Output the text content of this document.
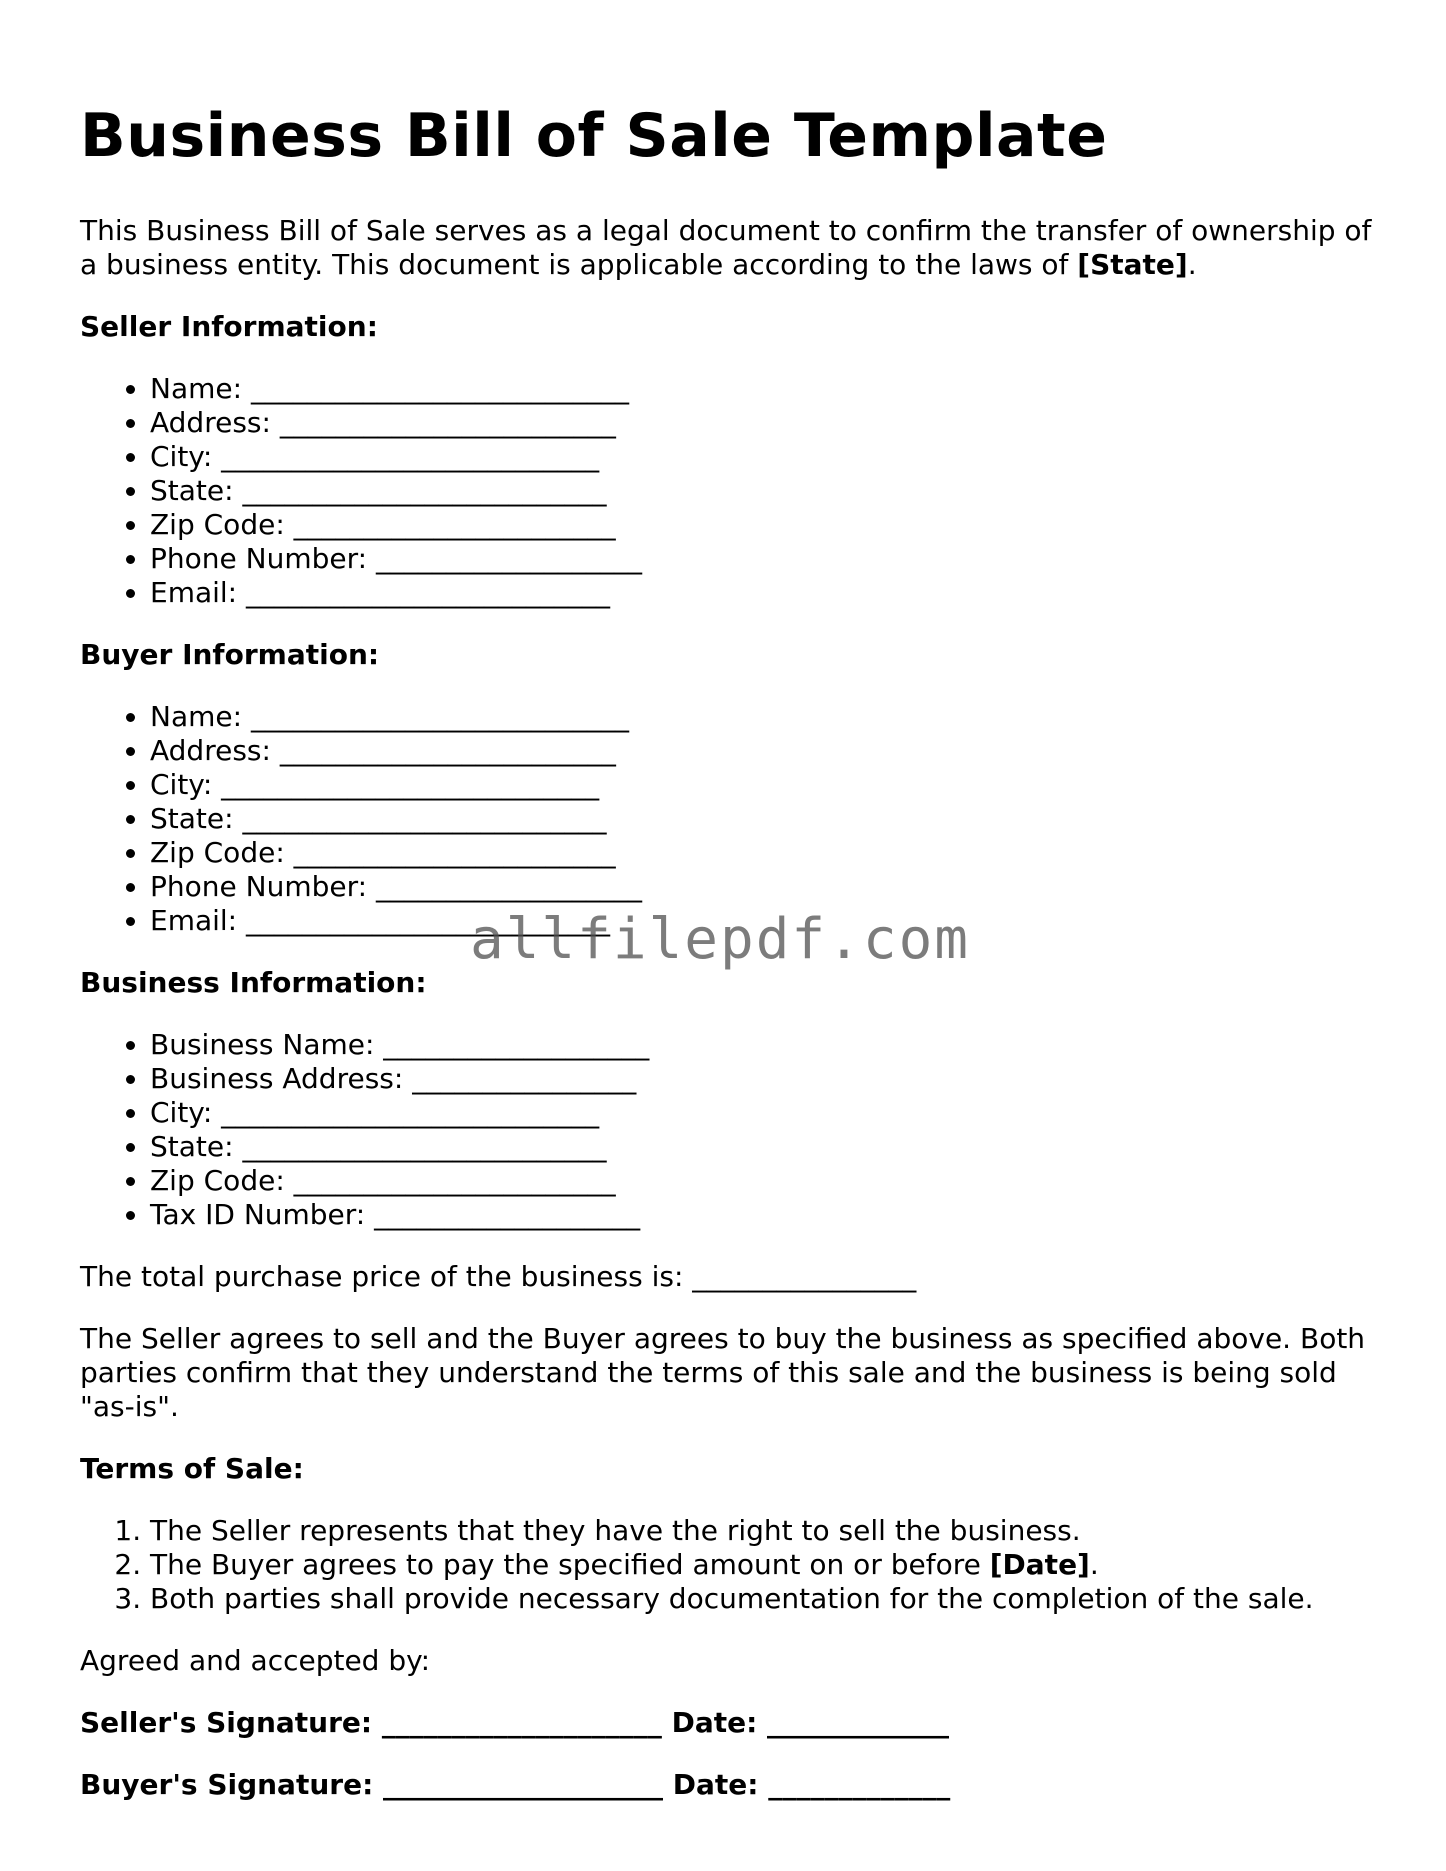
Business Bill of Sale Template

This Business Bill of Sale serves as a legal document to confirm the transfer of ownership of a business entity. This document is applicable according to the laws of [State].

Seller Information:
• Name: ___________________________
• Address: ________________________
• City: ___________________________
• State: __________________________
• Zip Code: _______________________
• Phone Number: ___________________
• Email: __________________________
Buyer Information:
• Name: ___________________________
• Address: ________________________
• City: ___________________________
• State: __________________________
• Zip Code: _______________________
• Phone Number: ___________________
• Email: __________________________
Business Information:
• Business Name: ___________________
• Business Address: ________________
• City: ___________________________
• State: __________________________
• Zip Code: _______________________
• Tax ID Number: ___________________

The total purchase price of the business is: ________________

The Seller agrees to sell and the Buyer agrees to buy the business as specified above. Both parties confirm that they understand the terms of this sale and the business is being sold "as-is".

Terms of Sale:
1. The Seller represents that they have the right to sell the business.
2. The Buyer agrees to pay the specified amount on or before [Date].
3. Both parties shall provide necessary documentation for the completion of the sale.

Agreed and accepted by:

Seller's Signature: ____________________ Date: _____________
Buyer's Signature: ____________________ Date: _____________
allfilepdf.com
